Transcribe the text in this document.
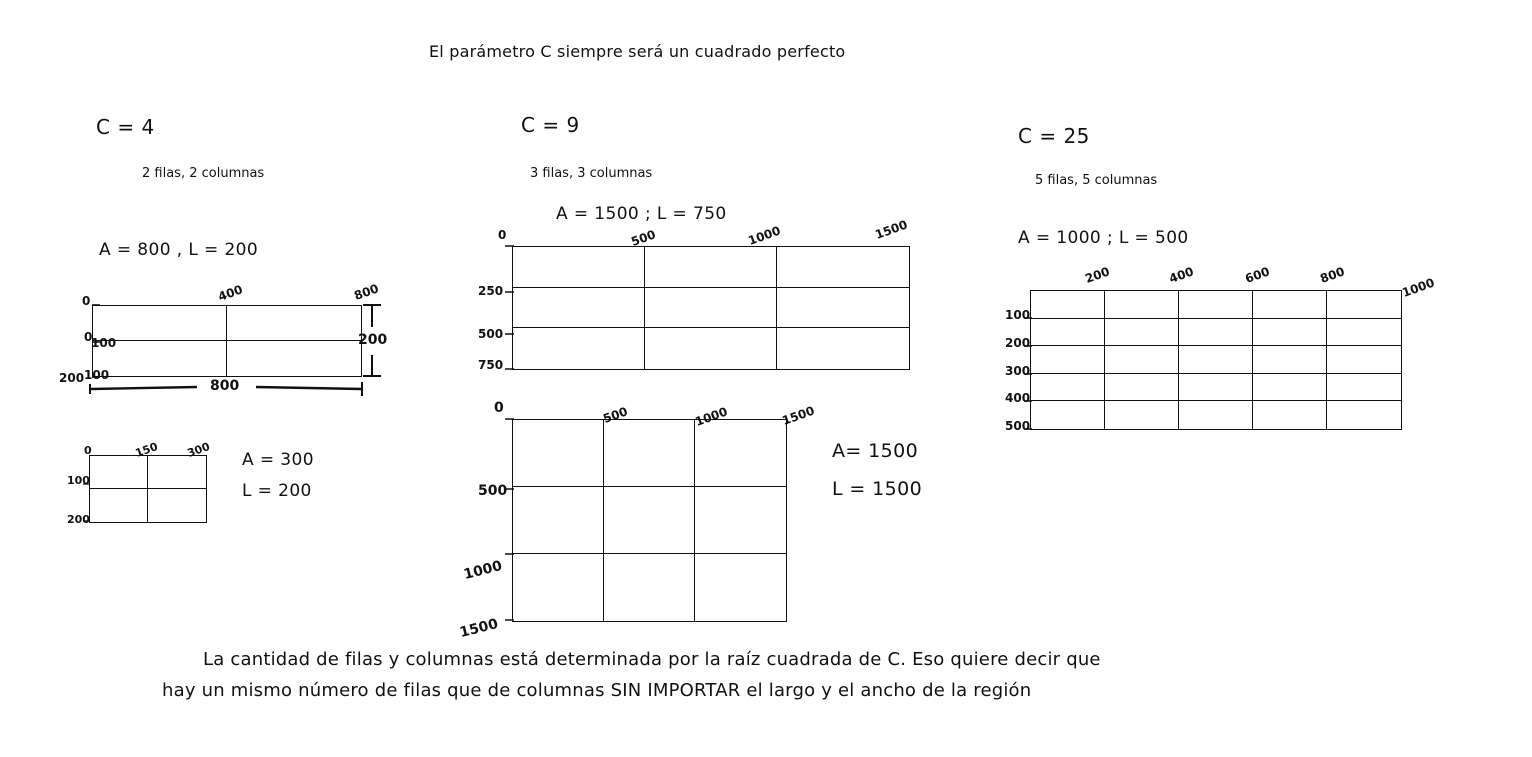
El parámetro C siempre será un cuadrado perfecto
C = 4
2 filas, 2 columnas
A = 800 , L = 200
0	400	800
0
100
100
200	800
200
0	150 300
100
200
A = 300
L = 200
C = 9
3 filas, 3 columnas
A = 1500 ; L = 750
0	500	1000	1500
250
500
750
0	500	1000	1500
500
1000
1500
A= 1500
L = 1500
C = 25
5 filas, 5 columnas
A = 1000 ; L = 500
100
200
300
400
500
200	400	600	800
1000
La cantidad de filas y columnas está determinada por la raíz cuadrada de C. Eso quiere decir que
hay un mismo número de filas que de columnas SIN IMPORTAR el largo y el ancho de la región
